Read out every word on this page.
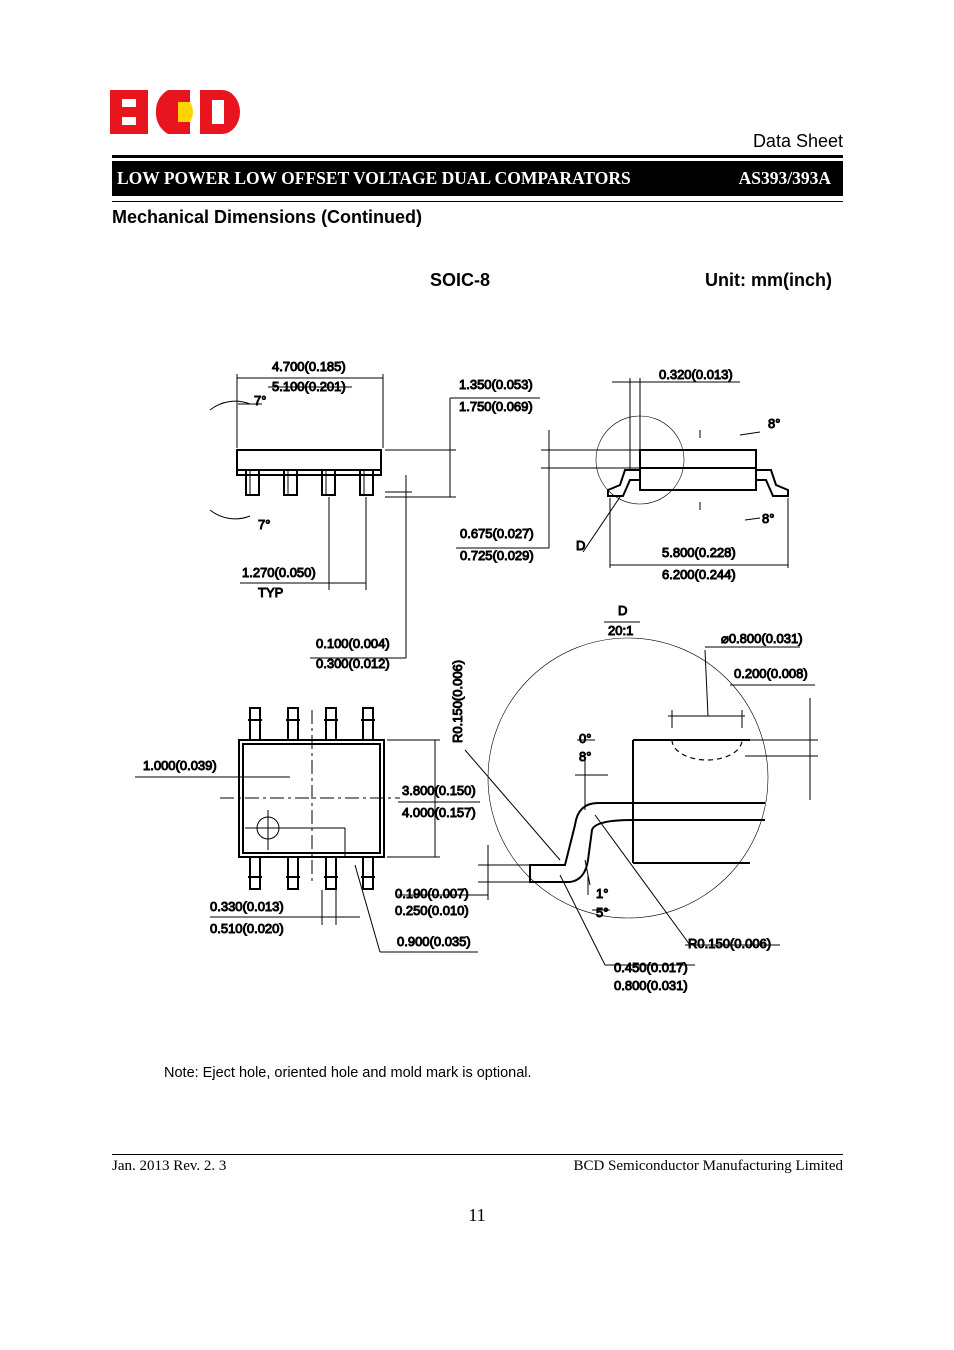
Data Sheet
LOW POWER LOW OFFSET VOLTAGE DUAL COMPARATORS	AS393/393A
Mechanical Dimensions (Continued)
SOIC-8	Unit: mm(inch)
4.700(0.185)
5.100(0.201)
7°
7°
1.350(0.053)
1.750(0.069)
1.270(0.050)
TYP
0.100(0.004)
0.300(0.012)
0.320(0.013)
8°
8°
0.675(0.027)
0.725(0.029)
D	5.800(0.228)
6.200(0.244)
D
20:1
⌀0.800(0.031)
0.200(0.008)
R0.150(0.006)	0°
8°
1°
5°
R0.150(0.006)
0.450(0.017)
0.800(0.031)
1.000(0.039)
3.800(0.150)
4.000(0.157)
0.190(0.007)
0.250(0.010)
0.330(0.013)
0.510(0.020)
0.900(0.035)
Note: Eject hole, oriented hole and mold mark is optional.
Jan. 2013 Rev. 2. 3	BCD Semiconductor Manufacturing Limited
11
